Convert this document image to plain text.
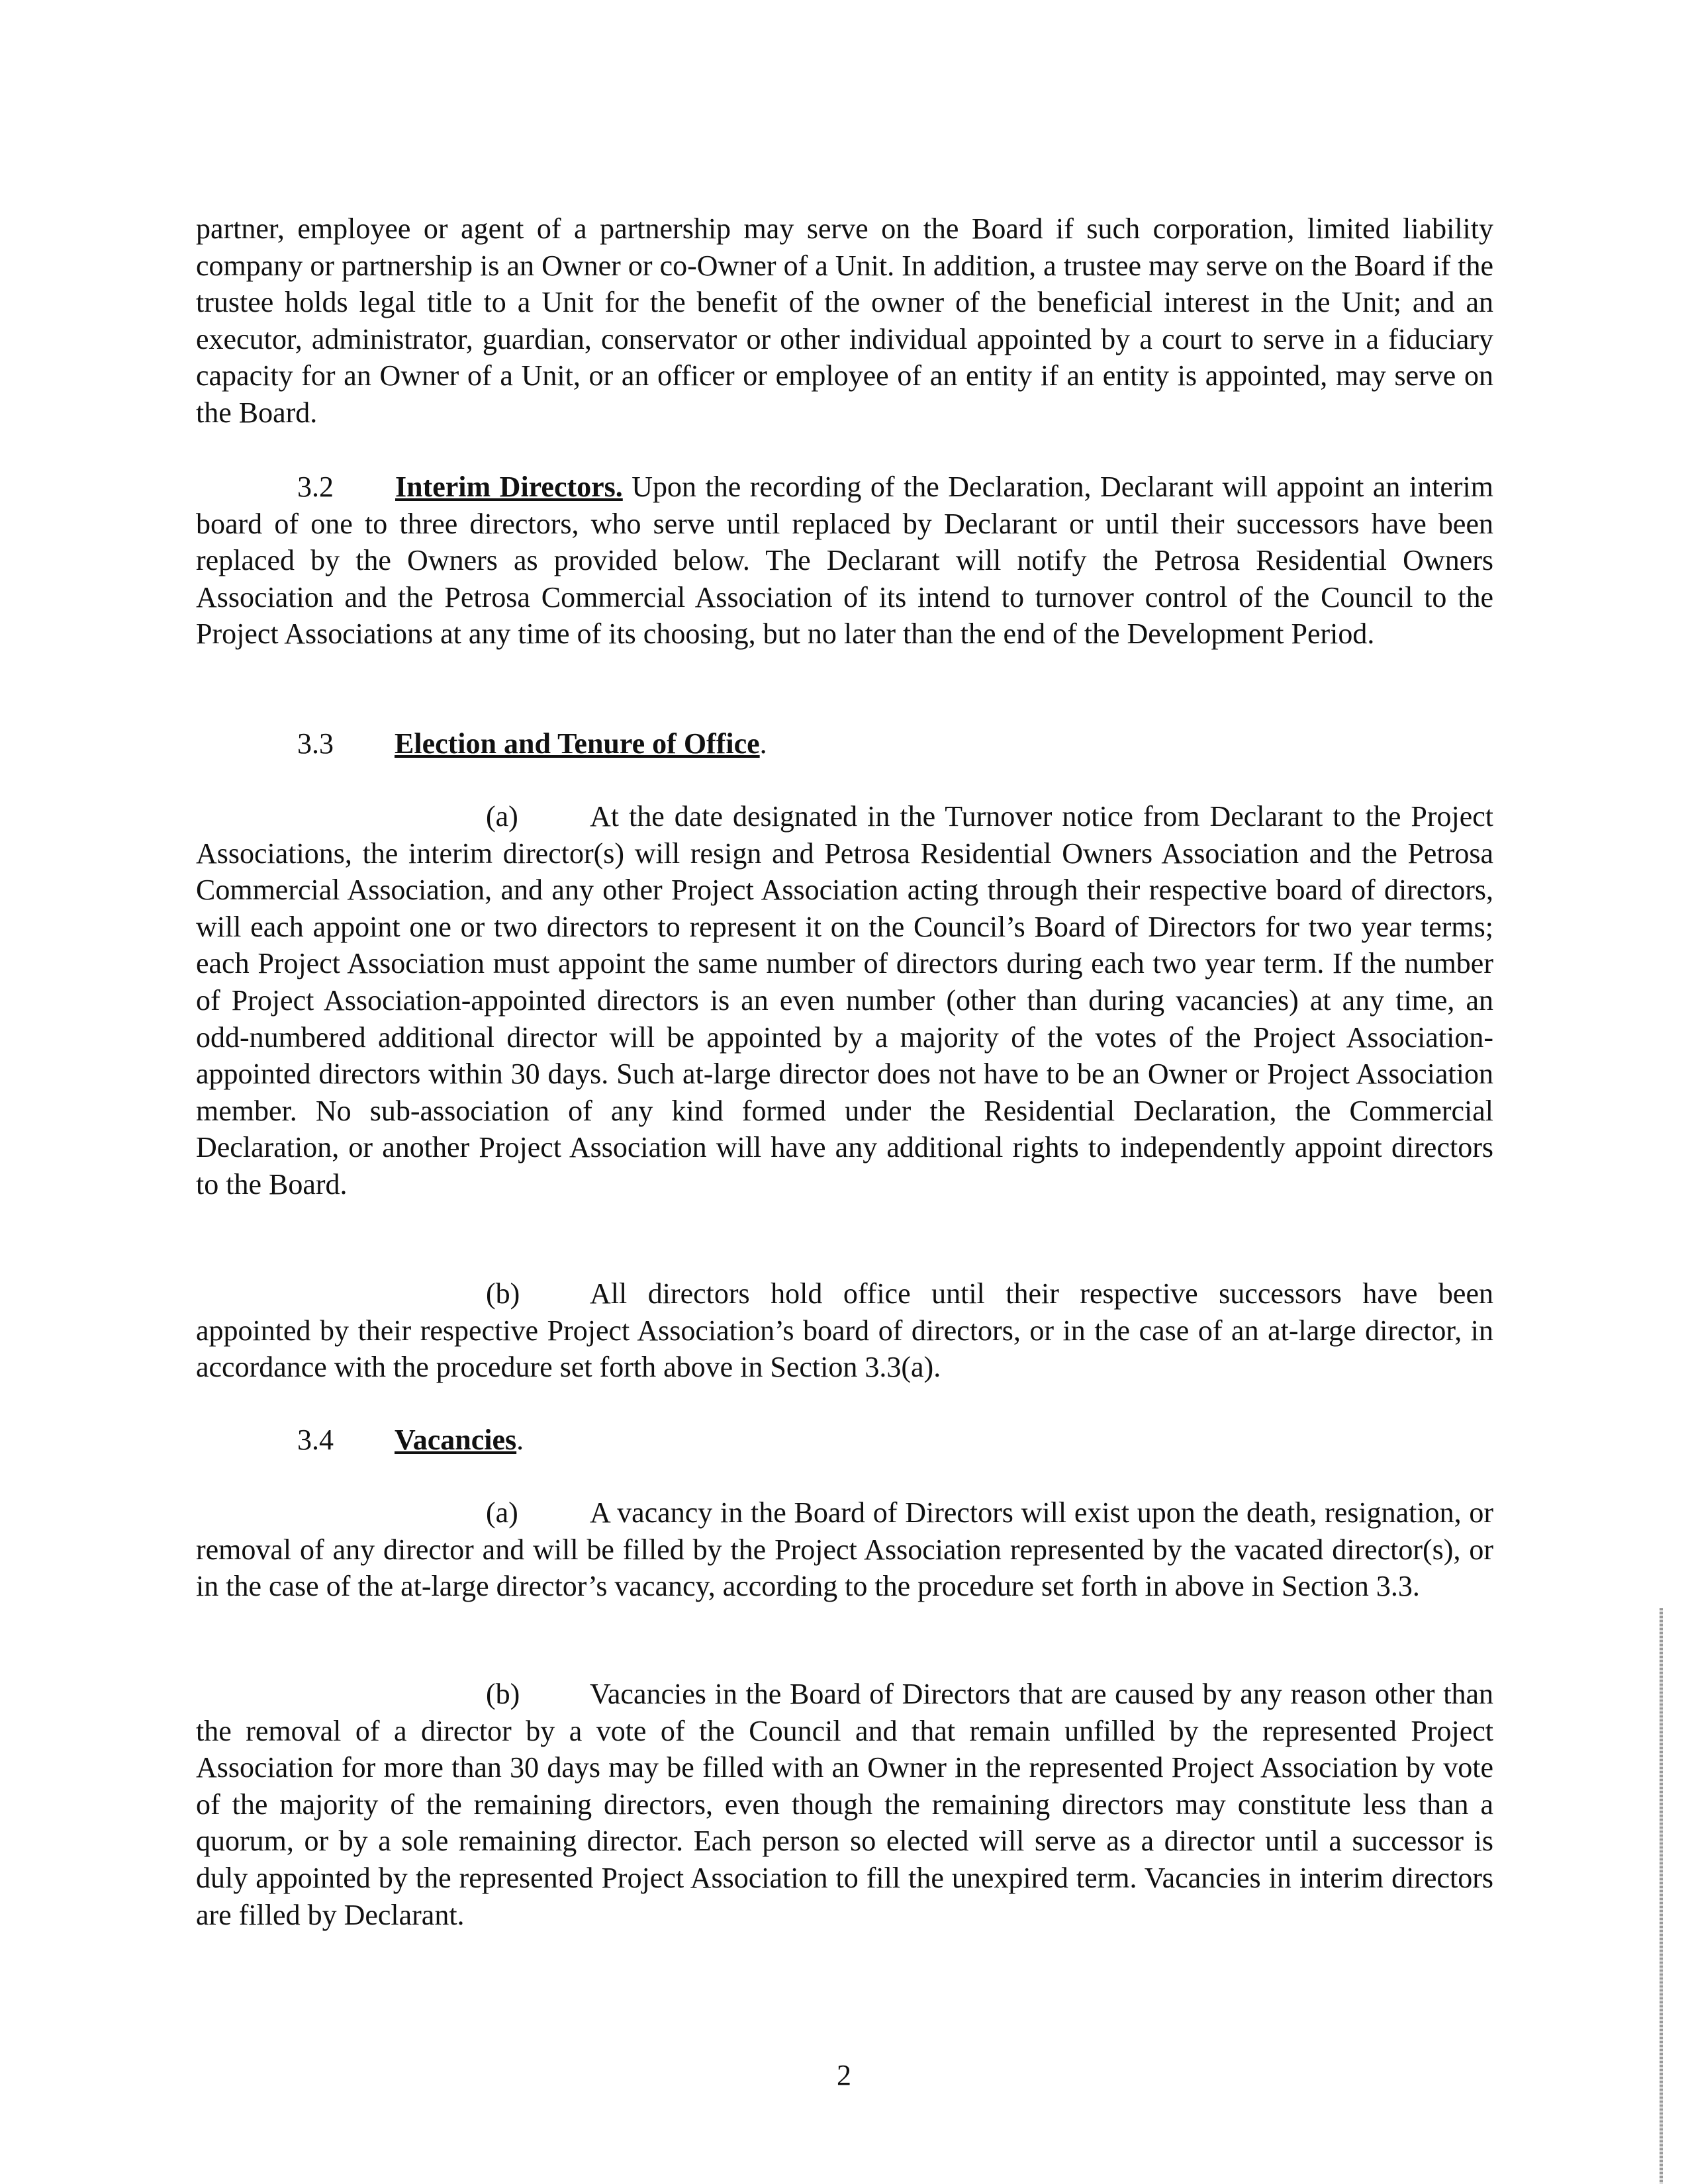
partner, employee or agent of a partnership may serve on the Board if such corporation, limited liability company or partnership is an Owner or co-Owner of a Unit. In addition, a trustee may serve on the Board if the trustee holds legal title to a Unit for the benefit of the owner of the beneficial interest in the Unit; and an executor, administrator, guardian, conservator or other individual appointed by a court to serve in a fiduciary capacity for an Owner of a Unit, or an officer or employee of an entity if an entity is appointed, may serve on the Board.

3.2 Interim Directors. Upon the recording of the Declaration, Declarant will appoint an interim board of one to three directors, who serve until replaced by Declarant or until their successors have been replaced by the Owners as provided below. The Declarant will notify the Petrosa Residential Owners Association and the Petrosa Commercial Association of its intend to turnover control of the Council to the Project Associations at any time of its choosing, but no later than the end of the Development Period.

3.3 Election and Tenure of Office.

(a) At the date designated in the Turnover notice from Declarant to the Project Associations, the interim director(s) will resign and Petrosa Residential Owners Association and the Petrosa Commercial Association, and any other Project Association acting through their respective board of directors, will each appoint one or two directors to represent it on the Council’s Board of Directors for two year terms; each Project Association must appoint the same number of directors during each two year term. If the number of Project Association-appointed directors is an even number (other than during vacancies) at any time, an odd-numbered additional director will be appointed by a majority of the votes of the Project Association-appointed directors within 30 days. Such at-large director does not have to be an Owner or Project Association member. No sub-association of any kind formed under the Residential Declaration, the Commercial Declaration, or another Project Association will have any additional rights to independently appoint directors to the Board.

(b) All directors hold office until their respective successors have been appointed by their respective Project Association’s board of directors, or in the case of an at-large director, in accordance with the procedure set forth above in Section 3.3(a).

3.4 Vacancies.

(a) A vacancy in the Board of Directors will exist upon the death, resignation, or removal of any director and will be filled by the Project Association represented by the vacated director(s), or in the case of the at-large director’s vacancy, according to the procedure set forth in above in Section 3.3.

(b) Vacancies in the Board of Directors that are caused by any reason other than the removal of a director by a vote of the Council and that remain unfilled by the represented Project Association for more than 30 days may be filled with an Owner in the represented Project Association by vote of the majority of the remaining directors, even though the remaining directors may constitute less than a quorum, or by a sole remaining director. Each person so elected will serve as a director until a successor is duly appointed by the represented Project Association to fill the unexpired term. Vacancies in interim directors are filled by Declarant.

2
